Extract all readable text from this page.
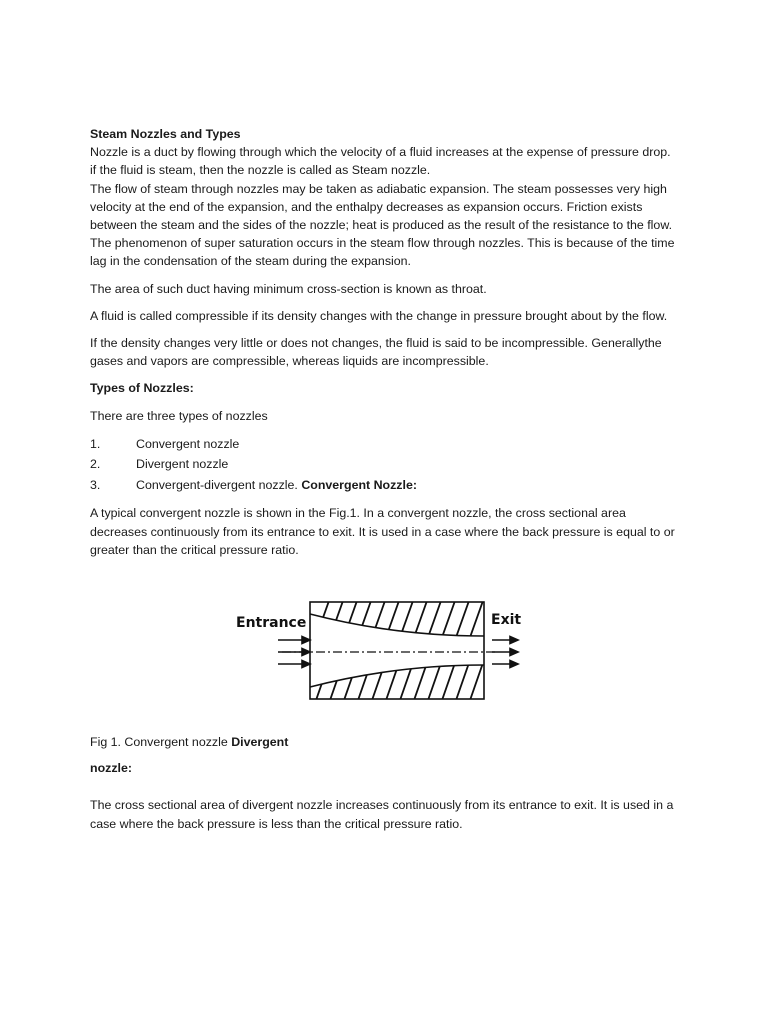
Steam Nozzles and Types

Nozzle is a duct by flowing through which the velocity of a fluid increases at the expense of pressure drop. if the fluid is steam, then the nozzle is called as Steam nozzle.

The flow of steam through nozzles may be taken as adiabatic expansion. The steam possesses very high velocity at the end of the expansion, and the enthalpy decreases as expansion occurs. Friction exists between the steam and the sides of the nozzle; heat is produced as the result of the resistance to the flow. The phenomenon of super saturation occurs in the steam flow through nozzles. This is because of the time lag in the condensation of the steam during the expansion.

The area of such duct having minimum cross-section is known as throat.

A fluid is called compressible if its density changes with the change in pressure brought about by the flow.

If the density changes very little or does not changes, the fluid is said to be incompressible. Generallythe gases and vapors are compressible, whereas liquids are incompressible.

Types of Nozzles:

There are three types of nozzles

1.	Convergent nozzle
2.	Divergent nozzle
3.	Convergent-divergent nozzle. Convergent Nozzle:

A typical convergent nozzle is shown in the Fig.1. In a convergent nozzle, the cross sectional area decreases continuously from its entrance to exit. It is used in a case where the back pressure is equal to or greater than the critical pressure ratio.

Entrance	Exit

Fig 1. Convergent nozzle Divergent

nozzle:

The cross sectional area of divergent nozzle increases continuously from its entrance to exit. It is used in a case where the back pressure is less than the critical pressure ratio.
